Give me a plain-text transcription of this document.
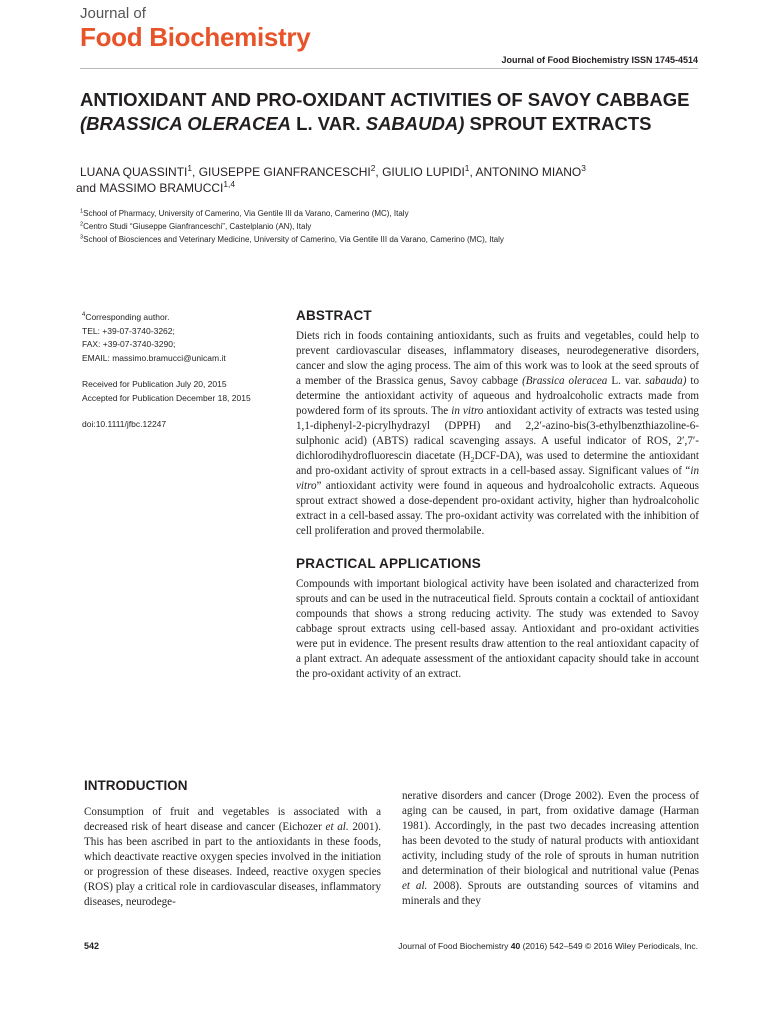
Journal of
Food Biochemistry
Journal of Food Biochemistry ISSN 1745-4514
ANTIOXIDANT AND PRO-OXIDANT ACTIVITIES OF SAVOY CABBAGE (BRASSICA OLERACEA L. VAR. SABAUDA) SPROUT EXTRACTS
LUANA QUASSINTI$^1$, GIUSEPPE GIANFRANCESCHI$^2$, GIULIO LUPIDI$^1$, ANTONINO MIANO$^3$
and MASSIMO BRAMUCCI$^{1,4}$
$^1$School of Pharmacy, University of Camerino, Via Gentile III da Varano, Camerino (MC), Italy
$^2$Centro Studi “Giuseppe Gianfranceschi”, Castelplanio (AN), Italy
$^3$School of Biosciences and Veterinary Medicine, University of Camerino, Via Gentile III da Varano, Camerino (MC), Italy
$^4$Corresponding author.
TEL: +39-07-3740-3262;
FAX: +39-07-3740-3290;
EMAIL: massimo.bramucci@unicam.it
Received for Publication July 20, 2015
Accepted for Publication December 18, 2015
doi:10.1111/jfbc.12247
ABSTRACT

Diets rich in foods containing antioxidants, such as fruits and vegetables, could help to prevent cardiovascular diseases, inflammatory diseases, neurodegenerative disorders, cancer and slow the aging process. The aim of this work was to look at the seed sprouts of a member of the Brassica genus, Savoy cabbage (Brassica oleracea L. var. sabauda) to determine the antioxidant activity of aqueous and hydroalcoholic extracts made from powdered form of its sprouts. The in vitro antioxidant activity of extracts was tested using 1,1-diphenyl-2-picrylhydrazyl (DPPH) and 2,2′-azino-bis(3-ethylbenzthiazoline-6-sulphonic acid) (ABTS) radical scavenging assays. A useful indicator of ROS, 2′,7′-dichlorodihydrofluorescin diacetate $(H_2DCF-DA)$, was used to determine the antioxidant and pro-oxidant activity of sprout extracts in a cell-based assay. Significant values of “in vitro” antioxidant activity were found in aqueous and hydroalcoholic extracts. Aqueous sprout extract showed a dose-dependent pro-oxidant activity, higher than hydroalcoholic extract in a cell-based assay. The pro-oxidant activity was correlated with the inhibition of cell proliferation and proved thermolabile.

PRACTICAL APPLICATIONS

Compounds with important biological activity have been isolated and characterized from sprouts and can be used in the nutraceutical field. Sprouts contain a cocktail of antioxidant compounds that shows a strong reducing activity. The study was extended to Savoy cabbage sprout extracts using cell-based assay. Antioxidant and pro-oxidant activities were put in evidence. The present results draw attention to the real antioxidant capacity of a plant extract. An adequate assessment of the antioxidant capacity should take in account the pro-oxidant activity of an extract.

INTRODUCTION

Consumption of fruit and vegetables is associated with a decreased risk of heart disease and cancer (Eichozer et al. 2001). This has been ascribed in part to the antioxidants in these foods, which deactivate reactive oxygen species involved in the initiation or progression of these diseases. Indeed, reactive oxygen species (ROS) play a critical role in cardiovascular diseases, inflammatory diseases, neurodege-

nerative disorders and cancer (Droge 2002). Even the process of aging can be caused, in part, from oxidative damage (Harman 1981). Accordingly, in the past two decades increasing attention has been devoted to the study of natural products with antioxidant activity, including study of the role of sprouts in human nutrition and determination of their biological and nutritional value (Penas et al. 2008). Sprouts are outstanding sources of vitamins and minerals and they

542	Journal of Food Biochemistry 40 (2016) 542–549 © 2016 Wiley Periodicals, Inc.
